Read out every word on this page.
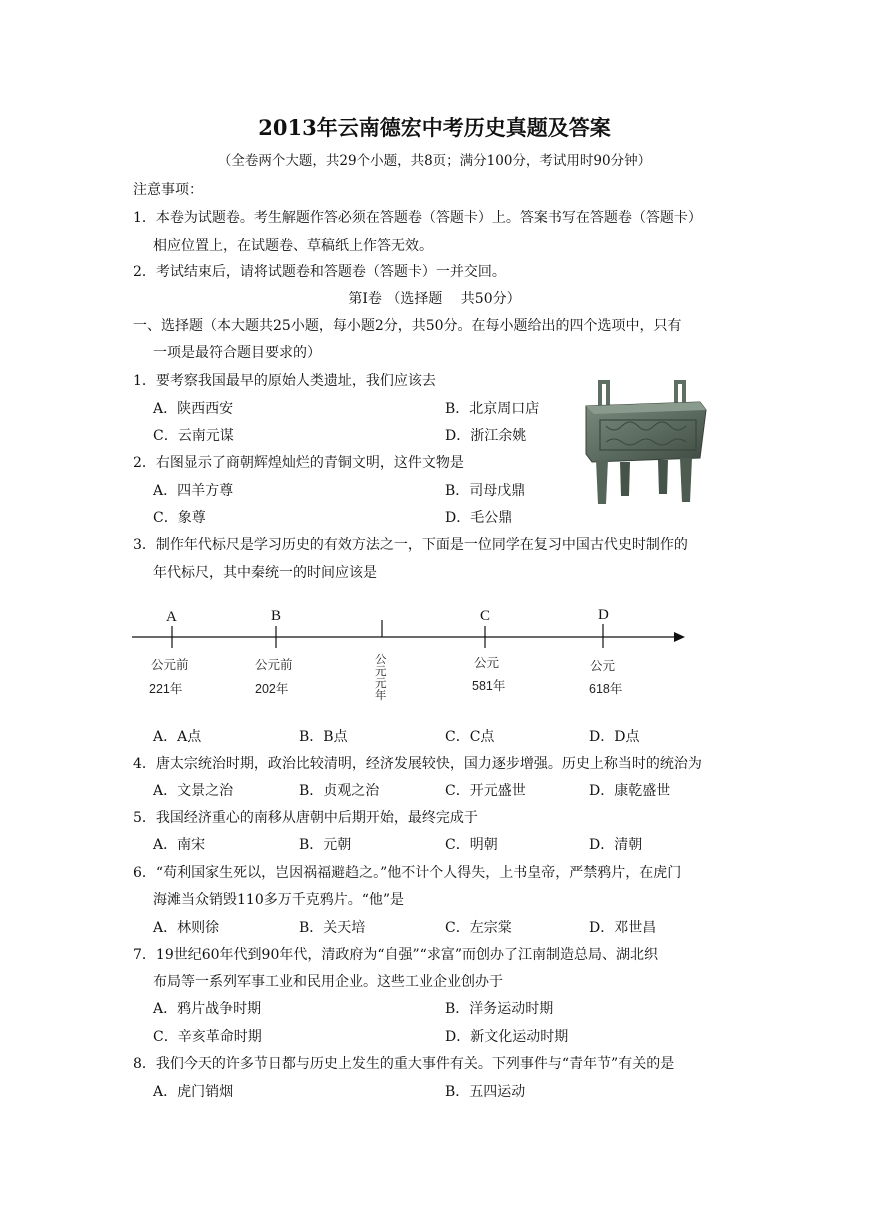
2013年云南德宏中考历史真题及答案
（全卷两个大题，共29个小题，共8页；满分100分，考试用时90分钟）
注意事项：
1．本卷为试题卷。考生解题作答必须在答题卷（答题卡）上。答案书写在答题卷（答题卡）
相应位置上，在试题卷、草稿纸上作答无效。
2．考试结束后，请将试题卷和答题卷（答题卡）一并交回。
第Ⅰ卷 （选择题　 共50分）
一、选择题（本大题共25小题，每小题2分，共50分。在每小题给出的四个选项中，只有
一项是最符合题目要求的）
1．要考察我国最早的原始人类遗址，我们应该去
A．陕西西安	B．北京周口店
C．云南元谋	D．浙江余姚
2．右图显示了商朝辉煌灿烂的青铜文明，这件文物是
A．四羊方尊	B．司母戊鼎
C．象尊	D．毛公鼎
3．制作年代标尺是学习历史的有效方法之一，下面是一位同学在复习中国古代史时制作的
年代标尺，其中秦统一的时间应该是
A	B	C	D
公元前
221年
公元前
202年
公
元
元
年
公元
581年
公元
618年
A．A点	B．B点	C．C点	D．D点
4．唐太宗统治时期，政治比较清明，经济发展较快，国力逐步增强。历史上称当时的统治为
A．文景之治	B．贞观之治	C．开元盛世	D．康乾盛世
5．我国经济重心的南移从唐朝中后期开始，最终完成于
A．南宋	B．元朝	C．明朝	D．清朝
6．“苟利国家生死以，岂因祸福避趋之。”他不计个人得失，上书皇帝，严禁鸦片，在虎门
海滩当众销毁110多万千克鸦片。“他”是
A．林则徐	B．关天培	C．左宗棠	D．邓世昌
7．19世纪60年代到90年代，清政府为“自强”“求富”而创办了江南制造总局、湖北织
布局等一系列军事工业和民用企业。这些工业企业创办于
A．鸦片战争时期	B．洋务运动时期
C．辛亥革命时期	D．新文化运动时期
8．我们今天的许多节日都与历史上发生的重大事件有关。下列事件与“青年节”有关的是
A．虎门销烟	B．五四运动
